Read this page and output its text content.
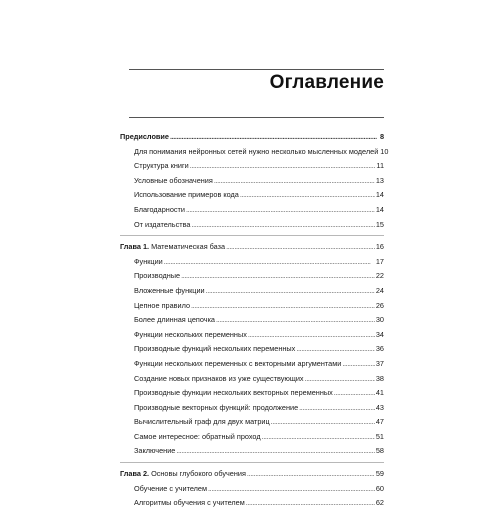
Оглавление
Предисловие . . .	8
Для понимания нейронных сетей нужно несколько мысленных моделей 10
Структура книги . . .	11
Условные обозначения . . .	13
Использование примеров кода . . .	14
Благодарности . . .	14
От издательства . . .	15
Глава 1. Математическая база . . .	16
Функции . . .	17
Производные . . .	22
Вложенные функции . . .	24
Цепное правило . . .	26
Более длинная цепочка . . .	30
Функции нескольких переменных . . .	34
Производные функций нескольких переменных . . .	36
Функции нескольких переменных с векторными аргументами . . .	37
Создание новых признаков из уже существующих . . .	38
Производные функции нескольких векторных переменных . . .	41
Производные векторных функций: продолжение . . .	43
Вычислительный граф для двух матриц . . .	47
Самое интересное: обратный проход . . .	51
Заключение . . .	58
Глава 2. Основы глубокого обучения . . .	59
Обучение с учителем . . .	60
Алгоритмы обучения с учителем . . .	62
